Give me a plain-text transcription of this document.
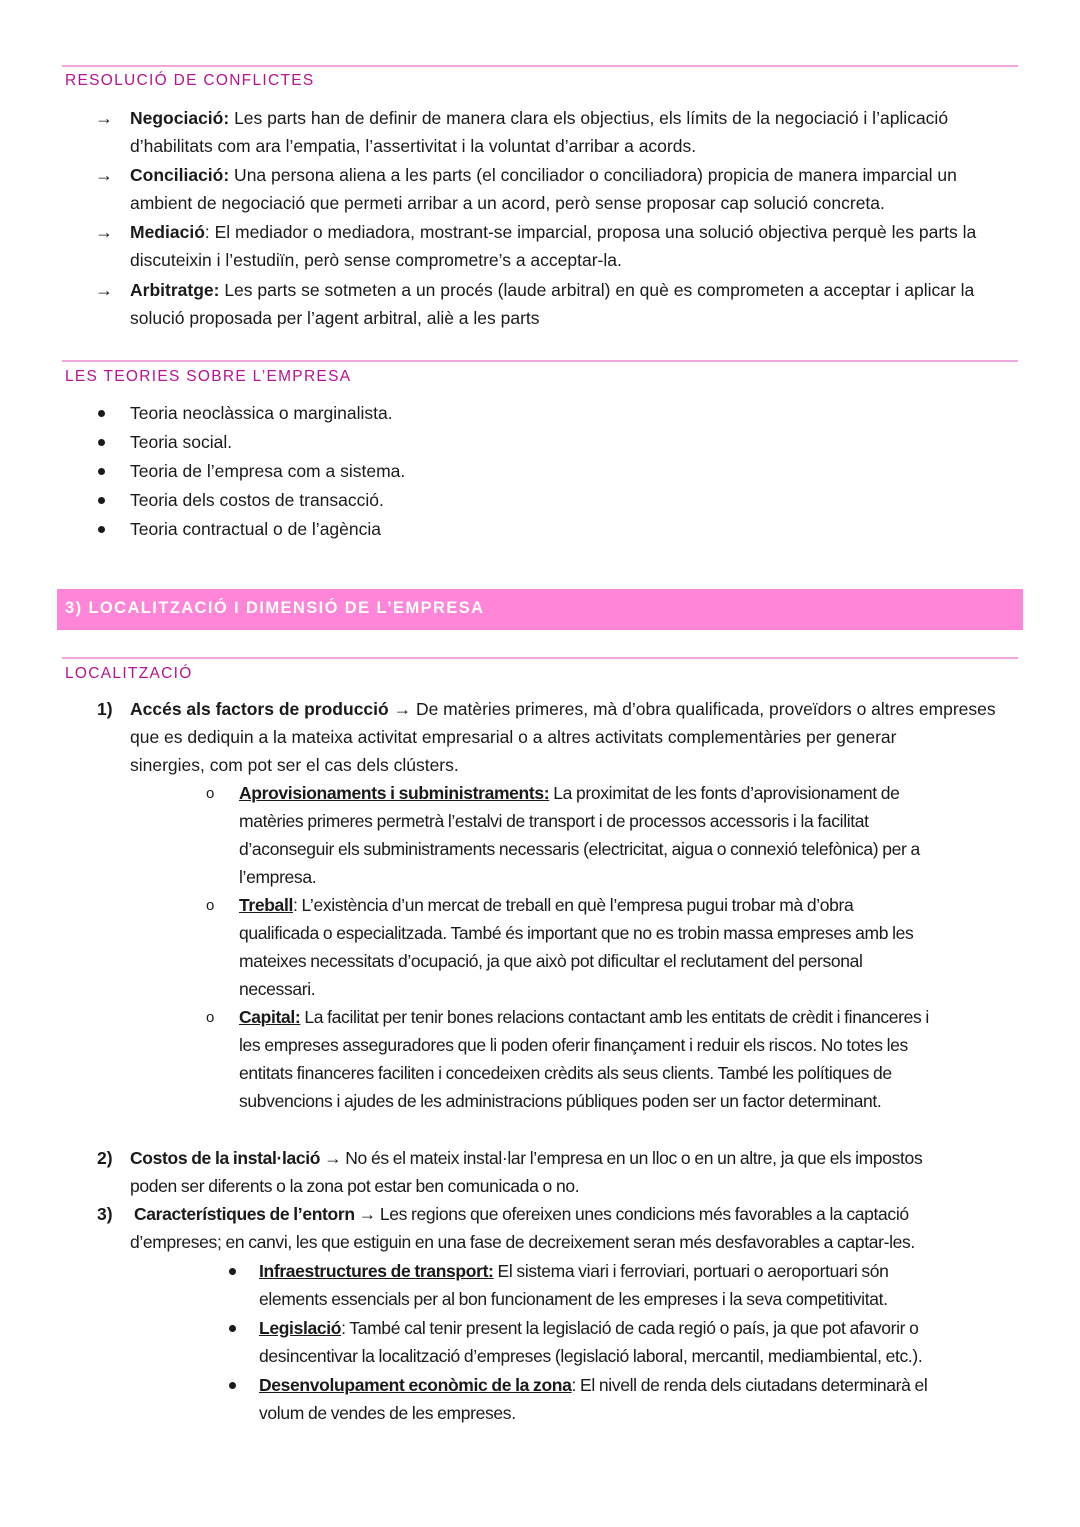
RESOLUCIÓ DE CONFLICTES
→ Negociació: Les parts han de definir de manera clara els objectius, els límits de la negociació i l’aplicació
d’habilitats com ara l’empatia, l’assertivitat i la voluntat d’arribar a acords.
→ Conciliació: Una persona aliena a les parts (el conciliador o conciliadora) propicia de manera imparcial un
ambient de negociació que permeti arribar a un acord, però sense proposar cap solució concreta.
→ Mediació: El mediador o mediadora, mostrant-se imparcial, proposa una solució objectiva perquè les parts la
discuteixin i l’estudiïn, però sense comprometre’s a acceptar-la.
→ Arbitratge: Les parts se sotmeten a un procés (laude arbitral) en què es comprometen a acceptar i aplicar la
solució proposada per l’agent arbitral, aliè a les parts
LES TEORIES SOBRE L’EMPRESA
Teoria neoclàssica o marginalista.
Teoria social.
Teoria de l’empresa com a sistema.
Teoria dels costos de transacció.
Teoria contractual o de l’agència
3) LOCALITZACIÓ I DIMENSIÓ DE L’EMPRESA
LOCALITZACIÓ
1) Accés als factors de producció → De matèries primeres, mà d’obra qualificada, proveïdors o altres empreses
que es dediquin a la mateixa activitat empresarial o a altres activitats complementàries per generar
sinergies, com pot ser el cas dels clústers.
o Aprovisionaments i subministraments: La proximitat de les fonts d’aprovisionament de
matèries primeres permetrà l’estalvi de transport i de processos accessoris i la facilitat
d’aconseguir els subministraments necessaris (electricitat, aigua o connexió telefònica) per a
l’empresa.
o Treball: L’existència d’un mercat de treball en què l’empresa pugui trobar mà d’obra
qualificada o especialitzada. També és important que no es trobin massa empreses amb les
mateixes necessitats d’ocupació, ja que això pot dificultar el reclutament del personal
necessari.
o Capital: La facilitat per tenir bones relacions contactant amb les entitats de crèdit i financeres i
les empreses asseguradores que li poden oferir finançament i reduir els riscos. No totes les
entitats financeres faciliten i concedeixen crèdits als seus clients. També les polítiques de
subvencions i ajudes de les administracions públiques poden ser un factor determinant.
2) Costos de la instal·lació → No és el mateix instal·lar l’empresa en un lloc o en un altre, ja que els impostos
poden ser diferents o la zona pot estar ben comunicada o no.
3) Característiques de l’entorn → Les regions que ofereixen unes condicions més favorables a la captació
d’empreses; en canvi, les que estiguin en una fase de decreixement seran més desfavorables a captar-les.
Infraestructures de transport: El sistema viari i ferroviari, portuari o aeroportuari són
elements essencials per al bon funcionament de les empreses i la seva competitivitat.
Legislació: També cal tenir present la legislació de cada regió o país, ja que pot afavorir o
desincentivar la localització d’empreses (legislació laboral, mercantil, mediambiental, etc.).
Desenvolupament econòmic de la zona: El nivell de renda dels ciutadans determinarà el
volum de vendes de les empreses.
